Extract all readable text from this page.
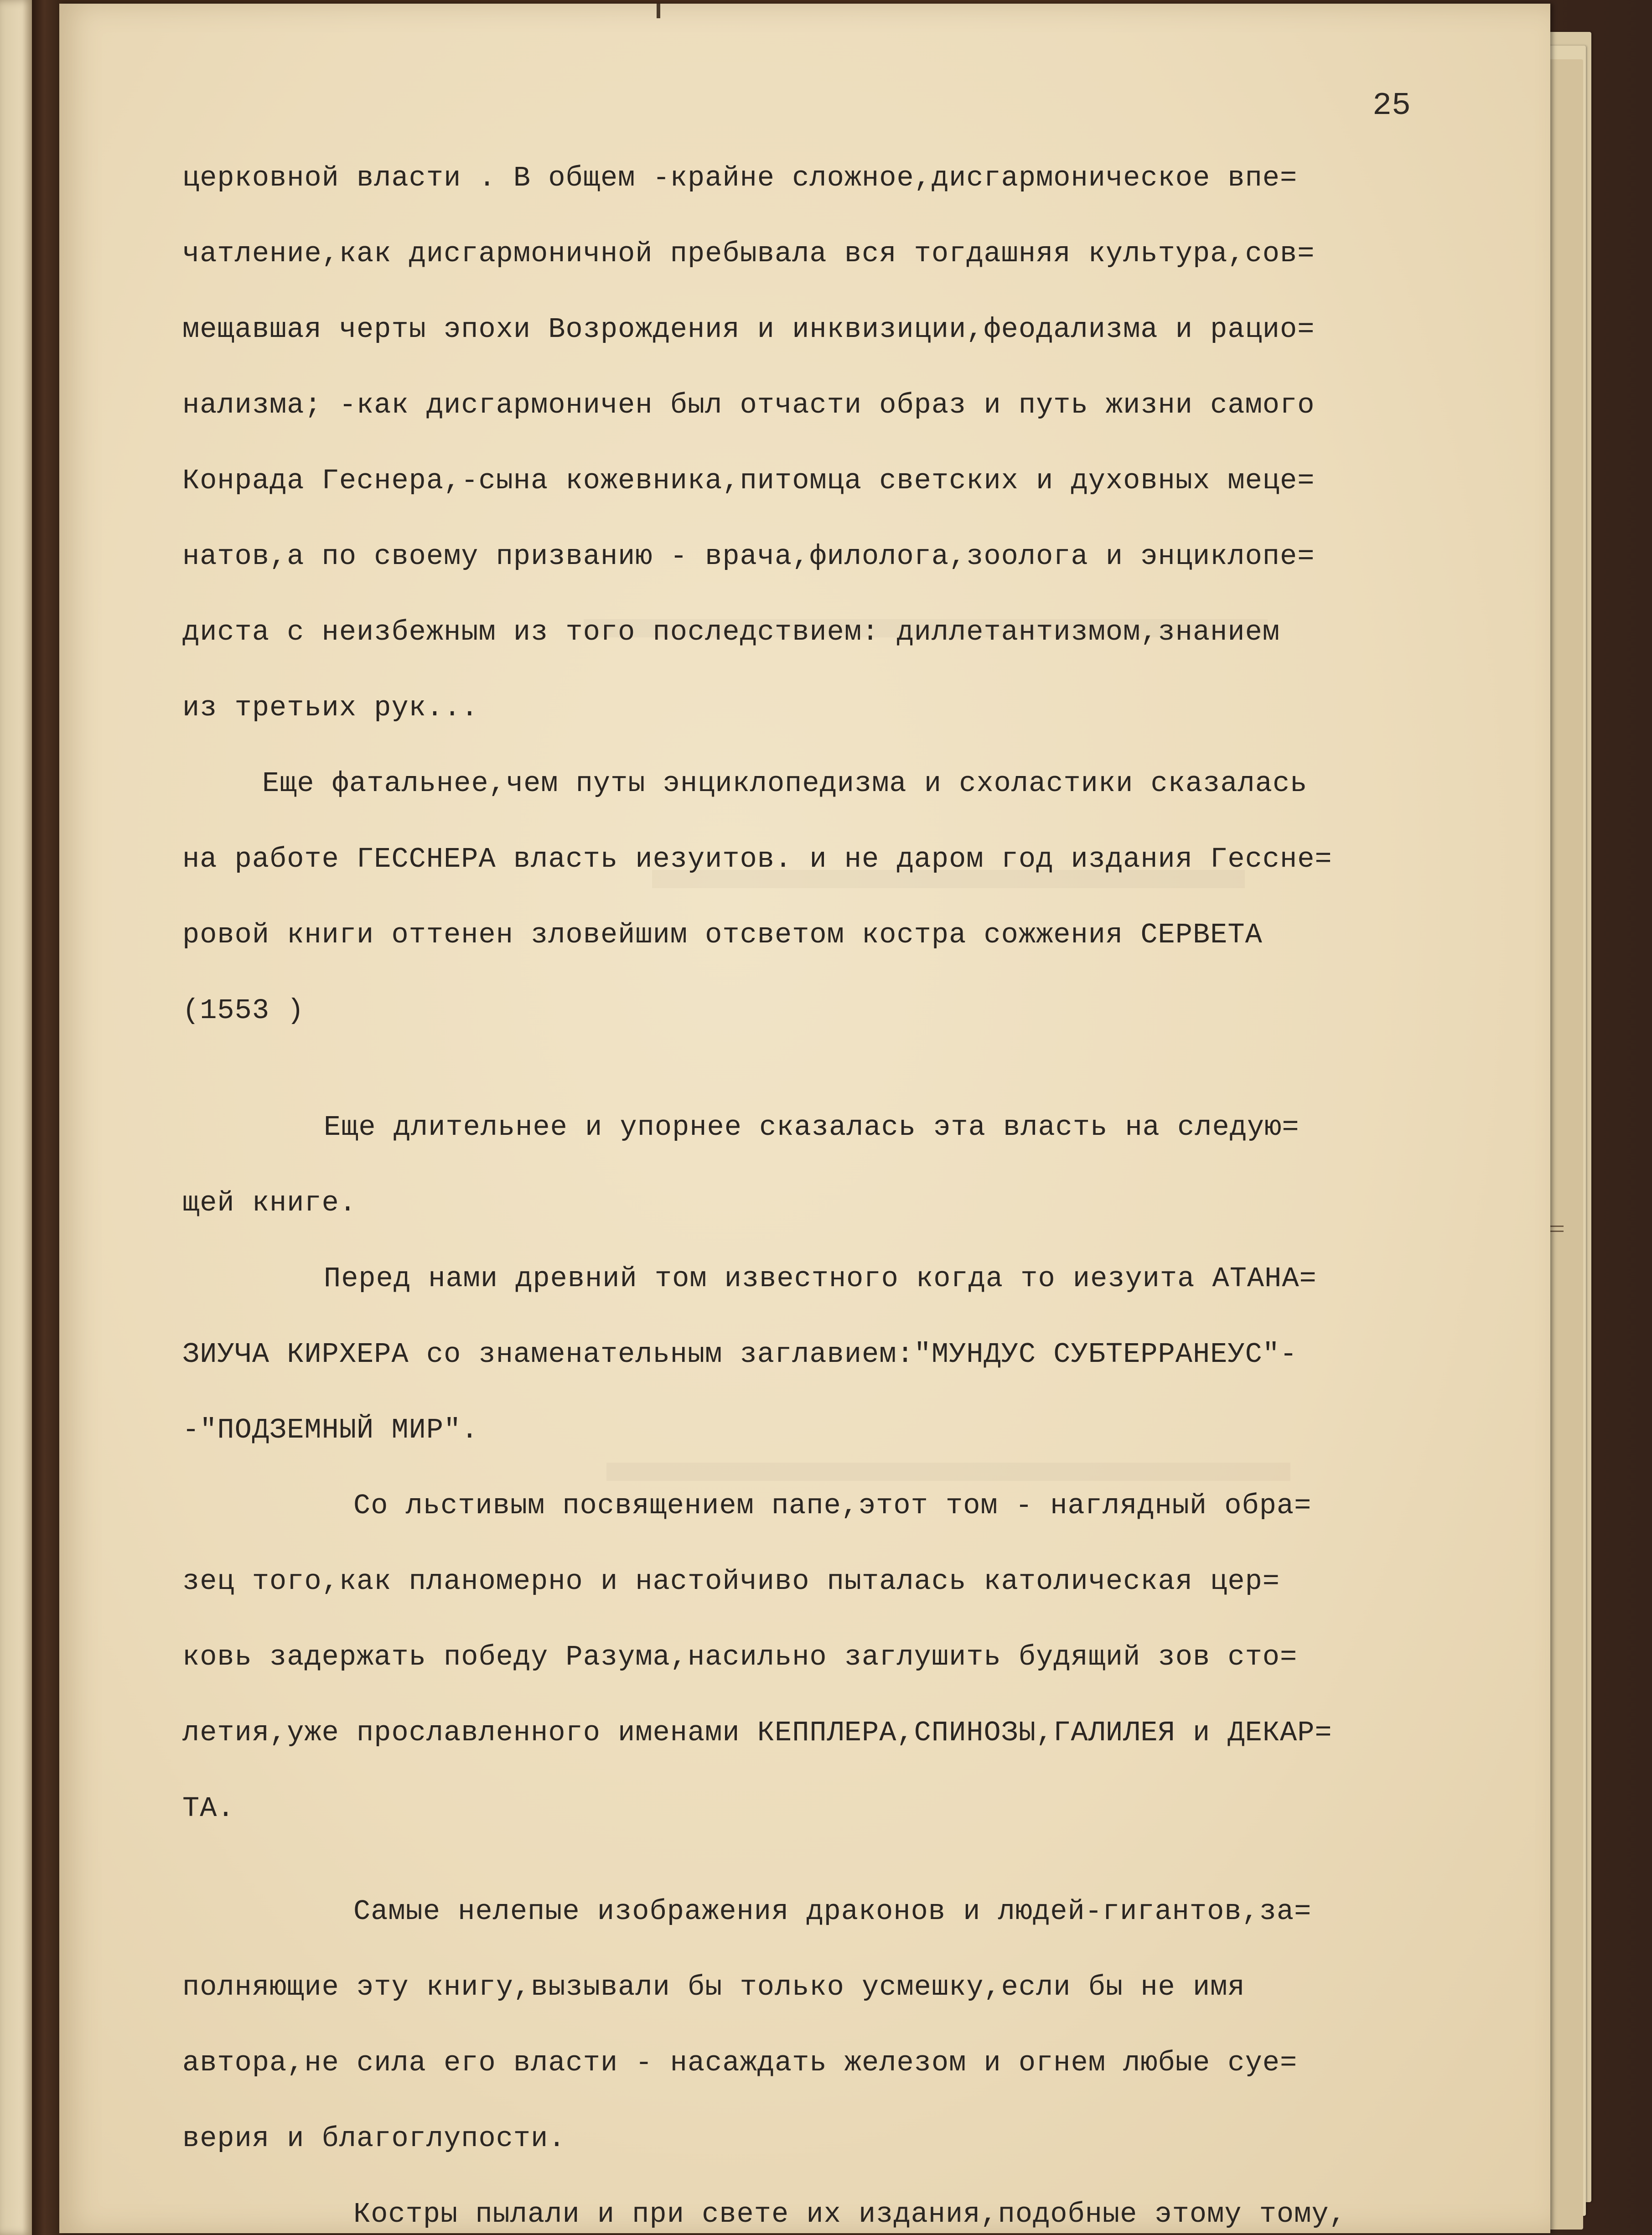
25
церковной власти . В общем -крайне сложное,дисгармоническое впе=
чатление,как дисгармоничной пребывала вся тогдашняя культура,сов=
мещавшая черты эпохи Возрождения и инквизиции,феодализма и рацио=
нализма; -как дисгармоничен был отчасти образ и путь жизни самого
Конрада Геснера,-сына кожевника,питомца светских и духовных меце=
натов,а по своему призванию - врача,филолога,зоолога и энциклопе=
диста с неизбежным из того последствием: диллетантизмом,знанием
из третьих рук...
Еще фатальнее,чем путы энциклопедизма и схоластики сказалась
на работе ГЕССНЕРА власть иезуитов. и не даром год издания Гессне=
ровой книги оттенен зловейшим отсветом костра сожжения СЕРВЕТА
(1553 )
Еще длительнее и упорнее сказалась эта власть на следую=
щей книге.
Перед нами древний том известного когда то иезуита АТАНА=
ЗИУЧА КИРХЕРА со знаменательным заглавием:"МУНДУС СУБТЕРРАНЕУС"-
-"ПОДЗЕМНЫЙ МИР".
Со льстивым посвящением папе,этот том - наглядный обра=
зец того,как планомерно и настойчиво пыталась католическая цер=
ковь задержать победу Разума,насильно заглушить будящий зов сто=
летия,уже прославленного именами КЕППЛЕРА,СПИНОЗЫ,ГАЛИЛЕЯ и ДЕКАР=
ТА.
Самые нелепые изображения драконов и людей-гигантов,за=
полняющие эту книгу,вызывали бы только усмешку,если бы не имя
автора,не сила его власти - насаждать железом и огнем любые суе=
верия и благоглупости.
Костры пылали и при свете их издания,подобные этому тому,
